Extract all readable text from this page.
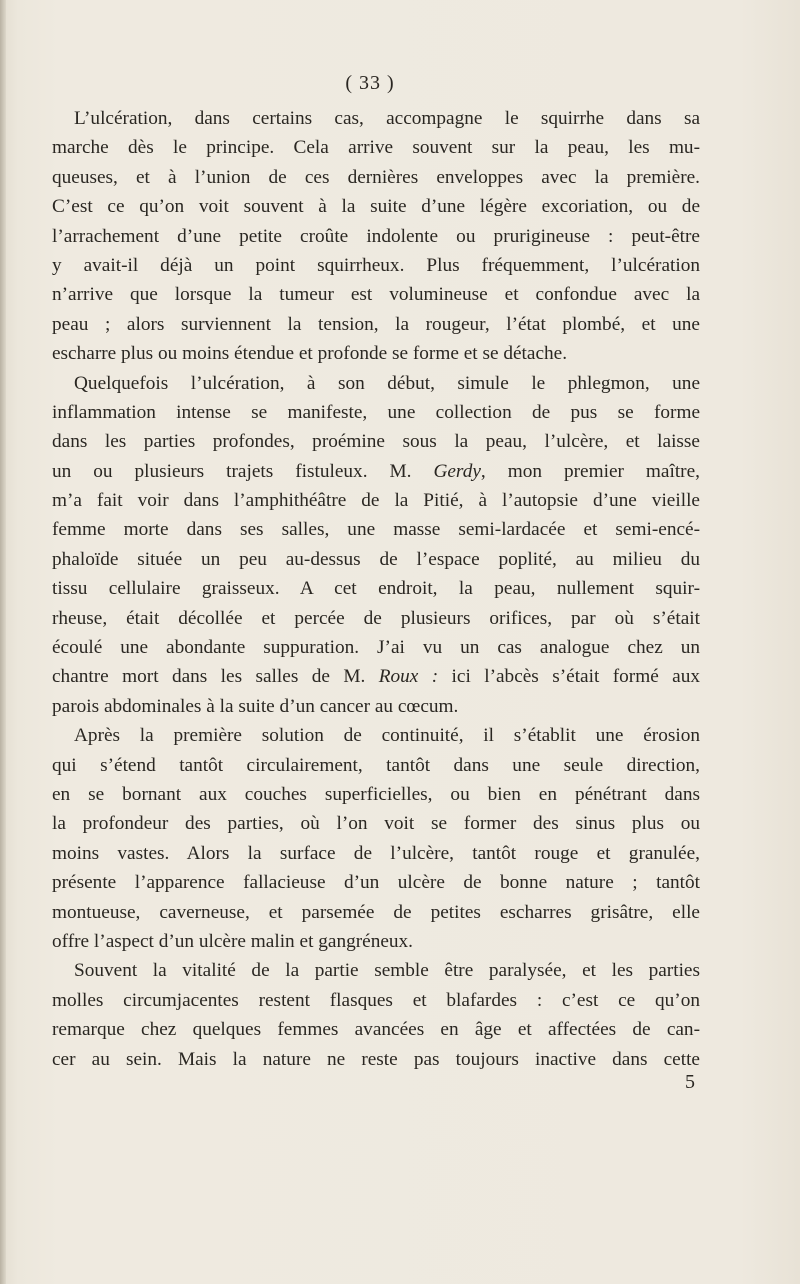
( 33 )
L’ulcération, dans certains cas, accompagne le squirrhe dans sa
marche dès le principe. Cela arrive souvent sur la peau, les mu-
queuses, et à l’union de ces dernières enveloppes avec la première.
C’est ce qu’on voit souvent à la suite d’une légère excoriation, ou de
l’arrachement d’une petite croûte indolente ou prurigineuse : peut-être
y avait-il déjà un point squirrheux. Plus fréquemment, l’ulcération
n’arrive que lorsque la tumeur est volumineuse et confondue avec la
peau ; alors surviennent la tension, la rougeur, l’état plombé, et une
escharre plus ou moins étendue et profonde se forme et se détache.
Quelquefois l’ulcération, à son début, simule le phlegmon, une
inflammation intense se manifeste, une collection de pus se forme
dans les parties profondes, proémine sous la peau, l’ulcère, et laisse
un ou plusieurs trajets fistuleux. M. Gerdy, mon premier maître,
m’a fait voir dans l’amphithéâtre de la Pitié, à l’autopsie d’une vieille
femme morte dans ses salles, une masse semi-lardacée et semi-encé-
phaloïde située un peu au-dessus de l’espace poplité, au milieu du
tissu cellulaire graisseux. A cet endroit, la peau, nullement squir-
rheuse, était décollée et percée de plusieurs orifices, par où s’était
écoulé une abondante suppuration. J’ai vu un cas analogue chez un
chantre mort dans les salles de M. Roux : ici l’abcès s’était formé aux
parois abdominales à la suite d’un cancer au cœcum.
Après la première solution de continuité, il s’établit une érosion
qui s’étend tantôt circulairement, tantôt dans une seule direction,
en se bornant aux couches superficielles, ou bien en pénétrant dans
la profondeur des parties, où l’on voit se former des sinus plus ou
moins vastes. Alors la surface de l’ulcère, tantôt rouge et granulée,
présente l’apparence fallacieuse d’un ulcère de bonne nature ; tantôt
montueuse, caverneuse, et parsemée de petites escharres grisâtre, elle
offre l’aspect d’un ulcère malin et gangréneux.
Souvent la vitalité de la partie semble être paralysée, et les parties
molles circumjacentes restent flasques et blafardes : c’est ce qu’on
remarque chez quelques femmes avancées en âge et affectées de can-
cer au sein. Mais la nature ne reste pas toujours inactive dans cette
5
